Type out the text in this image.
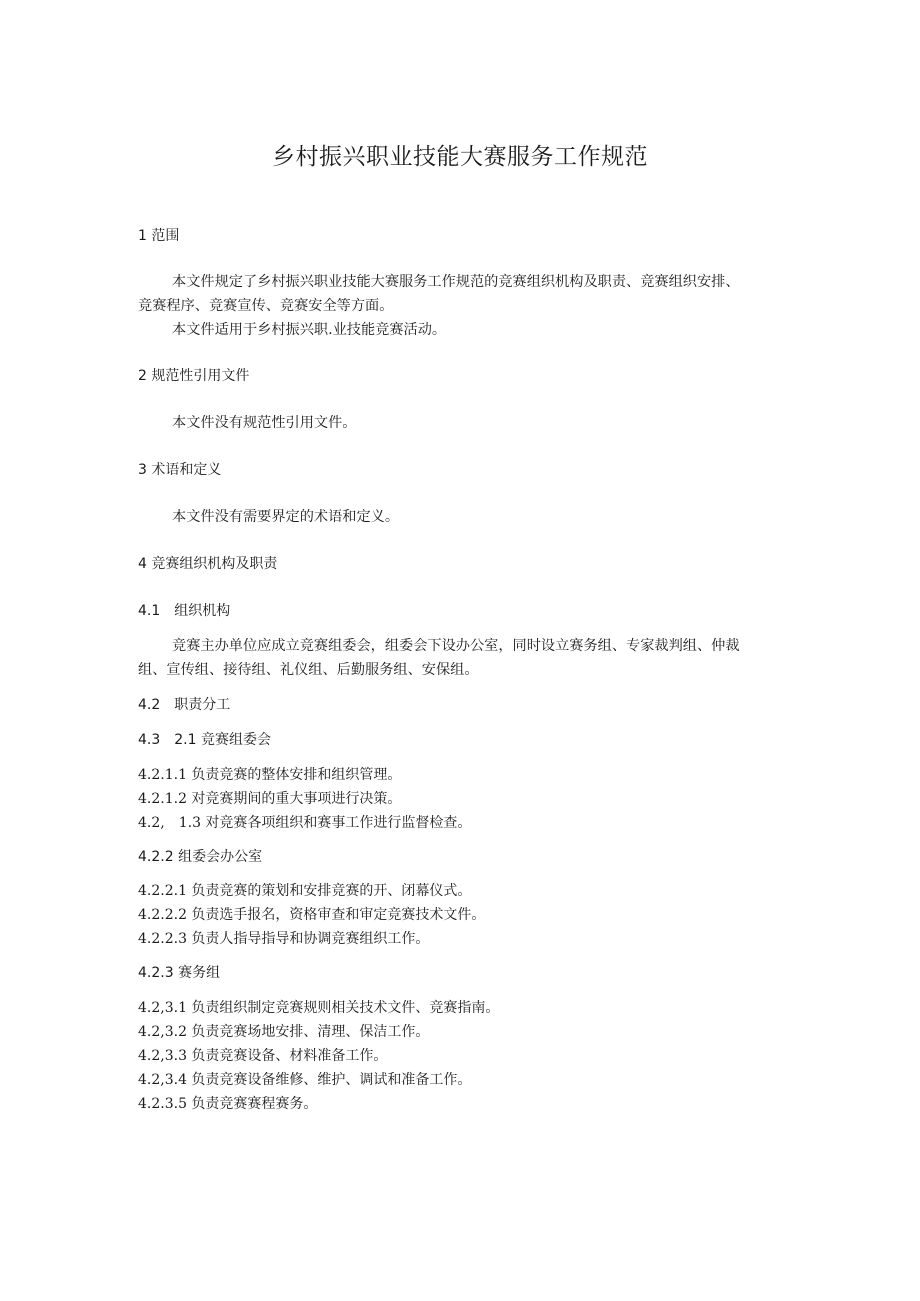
乡村振兴职业技能大赛服务工作规范

1 范围

本文件规定了乡村振兴职业技能大赛服务工作规范的竞赛组织机构及职责、竞赛组织安排、

竞赛程序、竞赛宣传、竞赛安全等方面。

本文件适用于乡村振兴职.业技能竞赛活动。

2 规范性引用文件

本文件没有规范性引用文件。

3 术语和定义

本文件没有需要界定的术语和定义。

4 竞赛组织机构及职责

4.1　组织机构

竞赛主办单位应成立竞赛组委会，组委会下设办公室，同时设立赛务组、专家裁判组、仲裁

组、宣传组、接待组、礼仪组、后勤服务组、安保组。

4.2　职责分工

4.3　2.1 竞赛组委会

4.2.1.1 负责竞赛的整体安排和组织管理。

4.2.1.2 对竞赛期间的重大事项进行决策。

4.2,　1.3 对竞赛各项组织和赛事工作进行监督检查。

4.2.2 组委会办公室

4.2.2.1 负责竞赛的策划和安排竞赛的开、闭幕仪式。

4.2.2.2 负责选手报名，资格审查和审定竞赛技术文件。

4.2.2.3 负责人指导指导和协调竞赛组织工作。

4.2.3 赛务组

4.2,3.1 负责组织制定竞赛规则相关技术文件、竞赛指南。

4.2,3.2 负责竞赛场地安排、清理、保洁工作。

4.2,3.3 负责竞赛设备、材料准备工作。

4.2,3.4 负责竞赛设备维修、维护、调试和准备工作。

4.2.3.5 负责竞赛赛程赛务。
